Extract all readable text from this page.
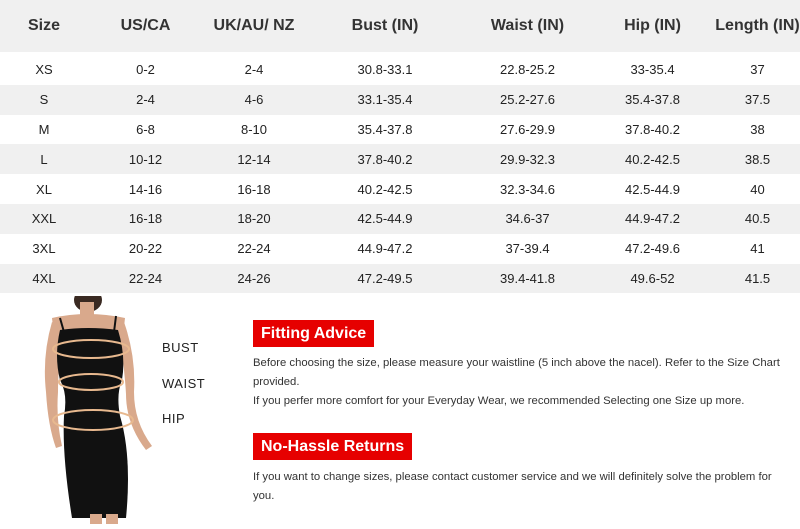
Size	US/CA	UK/AU/ NZ	Bust (IN)	Waist (IN)	Hip (IN)	Length (IN)
XS	0-2	2-4	30.8-33.1	22.8-25.2	33-35.4	37
S	2-4	4-6	33.1-35.4	25.2-27.6	35.4-37.8	37.5
M	6-8	8-10	35.4-37.8	27.6-29.9	37.8-40.2	38
L	10-12	12-14	37.8-40.2	29.9-32.3	40.2-42.5	38.5
XL	14-16	16-18	40.2-42.5	32.3-34.6	42.5-44.9	40
XXL	16-18	18-20	42.5-44.9	34.6-37	44.9-47.2	40.5
3XL	20-22	22-24	44.9-47.2	37-39.4	47.2-49.6	41
4XL	22-24	24-26	47.2-49.5	39.4-41.8	49.6-52	41.5
BUST
WAIST
HIP
Fitting Advice

Before choosing the size, please measure your waistline (5 inch above the nacel). Refer to the Size Chart provided.

If you perfer more comfort for your Everyday Wear, we recommended Selecting one Size up more.

No-Hassle Returns

If you want to change sizes, please contact customer service and we will definitely solve the problem for you.
